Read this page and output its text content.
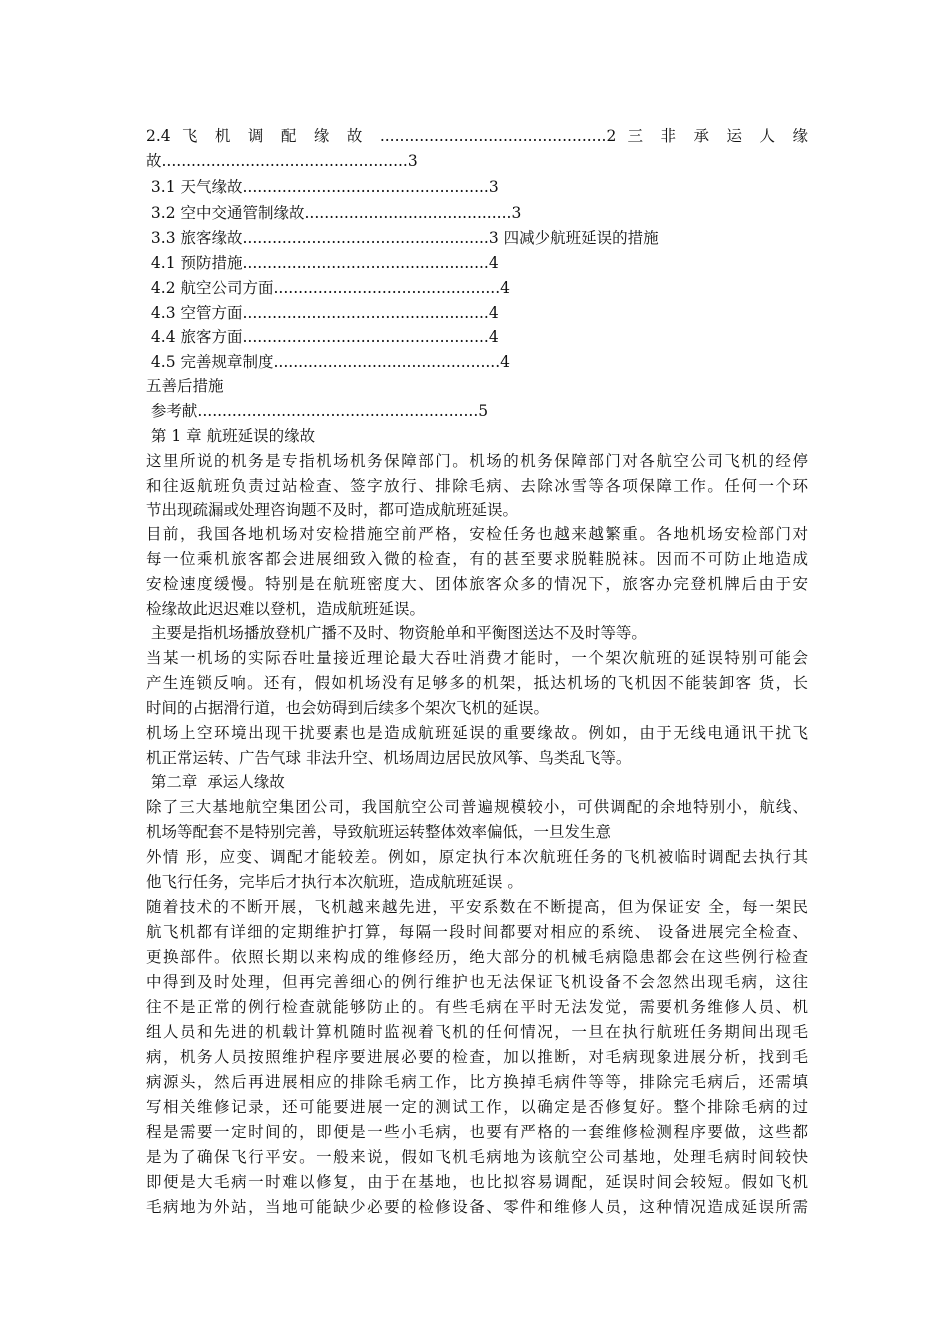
2.4 飞 机 调 配 缘 故 ..............................................2 三 非 承 运 人 缘
故..................................................3
3.1 天气缘故..................................................3
3.2 空中交通管制缘故..........................................3
3.3 旅客缘故..................................................3 四减少航班延误的措施
4.1 预防措施..................................................4
4.2 航空公司方面..............................................4
4.3 空管方面..................................................4
4.4 旅客方面..................................................4
4.5 完善规章制度..............................................4
五善后措施
参考献.........................................................5
第 1 章 航班延误的缘故
这里所说的机务是专指机场机务保障部门。机场的机务保障部门对各航空公司飞机的经停
和往返航班负责过站检查、签字放行、排除毛病、去除冰雪等各项保障工作。任何一个环
节出现疏漏或处理咨询题不及时，都可造成航班延误。
目前，我国各地机场对安检措施空前严格，安检任务也越来越繁重。各地机场安检部门对
每一位乘机旅客都会进展细致入微的检查，有的甚至要求脱鞋脱袜。因而不可防止地造成
安检速度缓慢。特别是在航班密度大、团体旅客众多的情况下，旅客办完登机牌后由于安
检缘故此迟迟难以登机，造成航班延误。
主要是指机场播放登机广播不及时、物资舱单和平衡图送达不及时等等。
当某一机场的实际吞吐量接近理论最大吞吐消费才能时，一个架次航班的延误特别可能会
产生连锁反响。还有，假如机场没有足够多的机架，抵达机场的飞机因不能装卸客 货，长
时间的占据滑行道，也会妨碍到后续多个架次飞机的延误。
机场上空环境出现干扰要素也是造成航班延误的重要缘故。例如，由于无线电通讯干扰飞
机正常运转、广告气球 非法升空、机场周边居民放风筝、鸟类乱飞等。
第二章  承运人缘故
除了三大基地航空集团公司，我国航空公司普遍规模较小，可供调配的余地特别小，航线、
机场等配套不是特别完善，导致航班运转整体效率偏低，一旦发生意
外情 形，应变、调配才能较差。例如，原定执行本次航班任务的飞机被临时调配去执行其
他飞行任务，完毕后才执行本次航班，造成航班延误 。
随着技术的不断开展，飞机越来越先进，平安系数在不断提高，但为保证安 全，每一架民
航飞机都有详细的定期维护打算，每隔一段时间都要对相应的系统、 设备进展完全检查、
更换部件。依照长期以来构成的维修经历，绝大部分的机械毛病隐患都会在这些例行检查
中得到及时处理，但再完善细心的例行维护也无法保证飞机设备不会忽然出现毛病，这往
往不是正常的例行检查就能够防止的。有些毛病在平时无法发觉，需要机务维修人员、机
组人员和先进的机载计算机随时监视着飞机的任何情况，一旦在执行航班任务期间出现毛
病，机务人员按照维护程序要进展必要的检查，加以推断，对毛病现象进展分析，找到毛
病源头，然后再进展相应的排除毛病工作，比方换掉毛病件等等，排除完毛病后，还需填
写相关维修记录，还可能要进展一定的测试工作，以确定是否修复好。整个排除毛病的过
程是需要一定时间的，即便是一些小毛病，也要有严格的一套维修检测程序要做，这些都
是为了确保飞行平安。一般来说，假如飞机毛病地为该航空公司基地，处理毛病时间较快
即便是大毛病一时难以修复，由于在基地，也比拟容易调配，延误时间会较短。假如飞机
毛病地为外站，当地可能缺少必要的检修设备、零件和维修人员，这种情况造成延误所需
